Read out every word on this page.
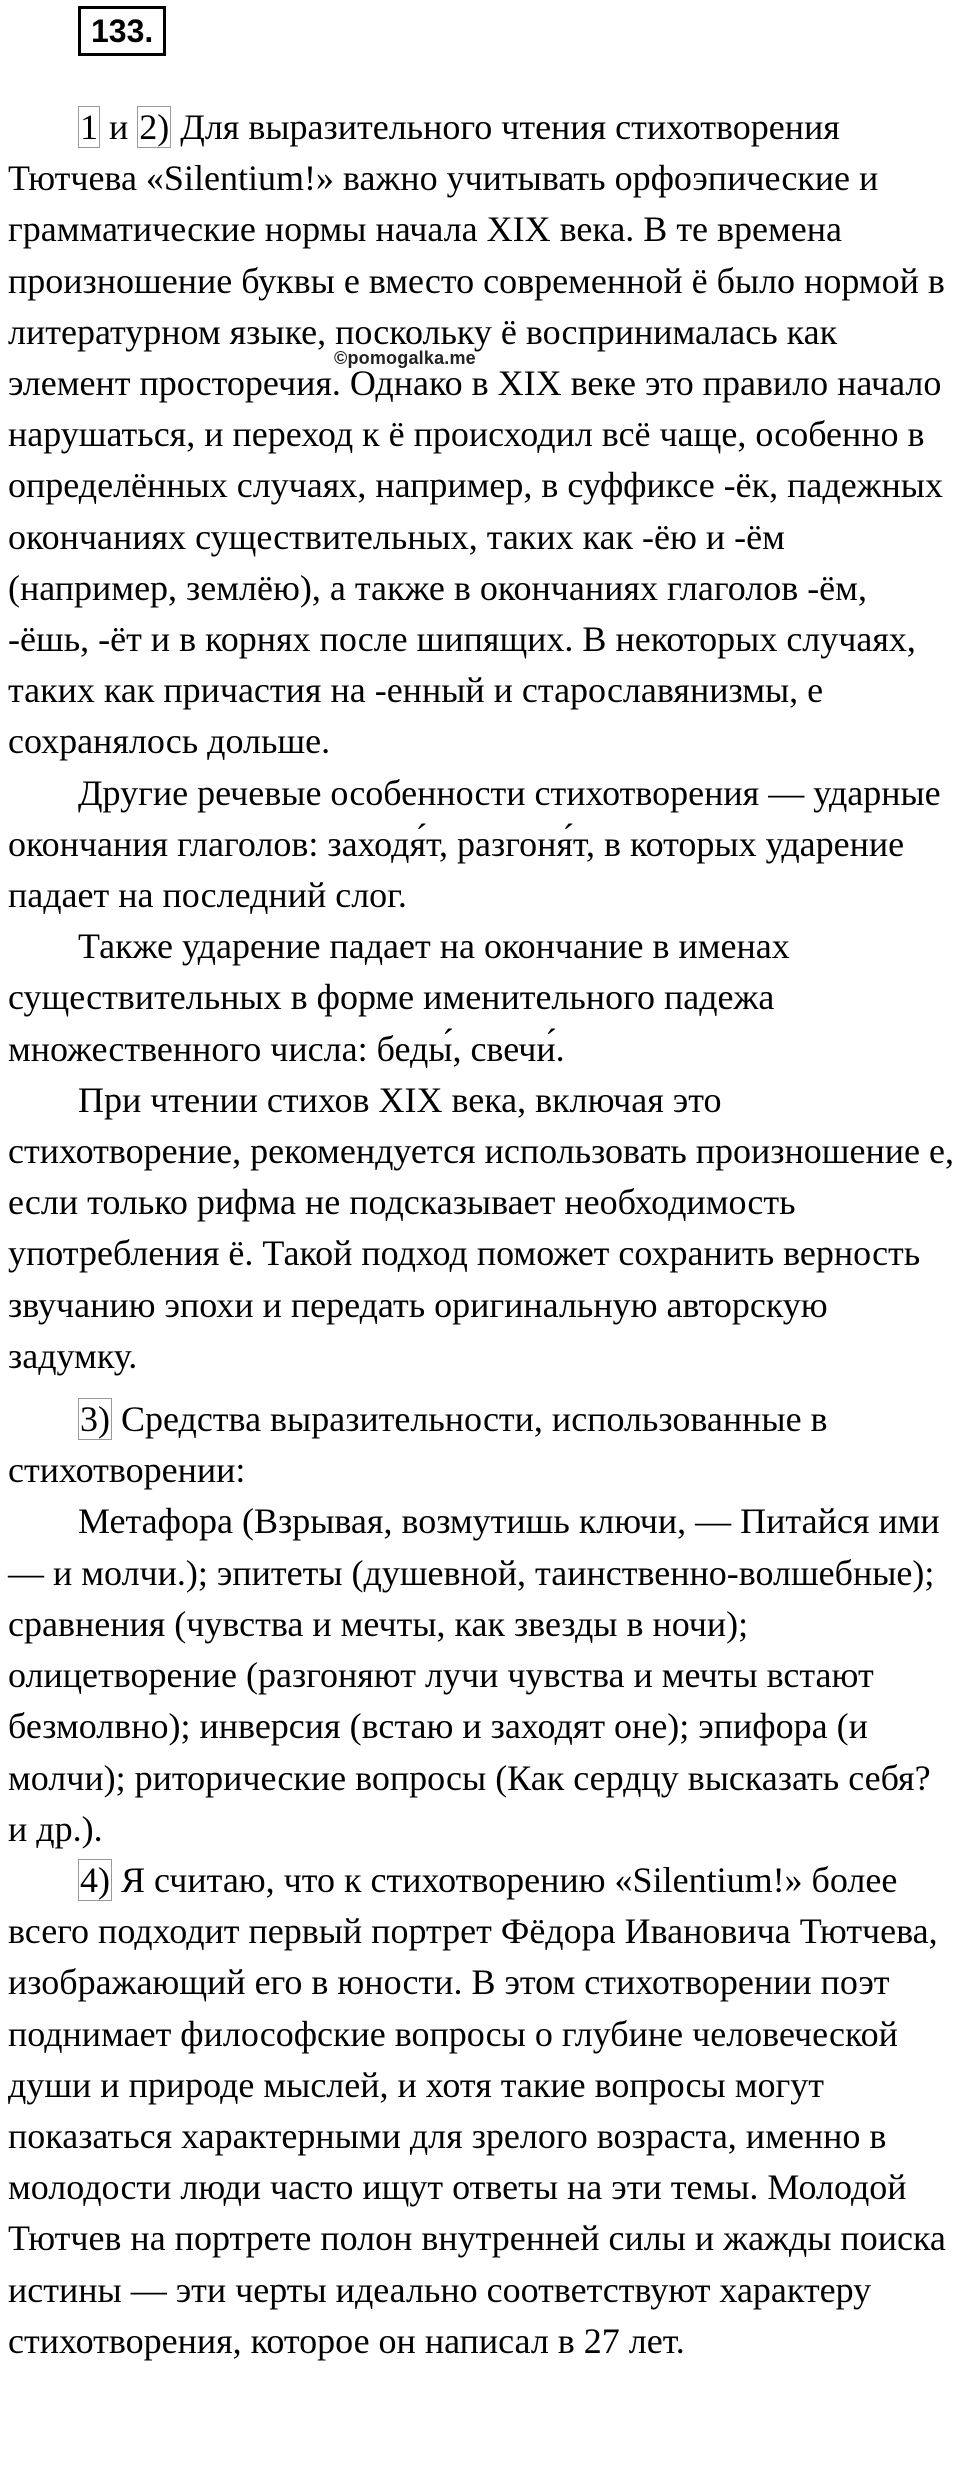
133.

1 и 2) Для выразительного чтения стихотворения Тютчева «Silentium!» важно учитывать орфоэпические и грамматические нормы начала XIX века. В те времена произношение буквы е вместо современной ё было нормой в литературном языке, поскольку ё воспринималась как элемент просторечия. Однако в XIX веке это правило начало нарушаться, и переход к ё происходил всё чаще, особенно в определённых случаях, например, в суффиксе -ёк, падежных окончаниях существительных, таких как -ёю и -ём (например, землёю), а также в окончаниях глаголов -ём, -ёшь, -ёт и в корнях после шипящих. В некоторых случаях, таких как причастия на -енный и старославянизмы, е сохранялось дольше.

Другие речевые особенности стихотворения — ударные окончания глаголов: заходя́т, разгоня́т, в которых ударение падает на последний слог.

Также ударение падает на окончание в именах существительных в форме именительного падежа множественного числа: беды́, свечи́.

При чтении стихов XIX века, включая это стихотворение, рекомендуется использовать произношение е, если только рифма не подсказывает необходимость употребления ё. Такой подход поможет сохранить верность звучанию эпохи и передать оригинальную авторскую задумку.

3) Средства выразительности, использованные в стихотворении:

Метафора (Взрывая, возмутишь ключи, — Питайся ими — и молчи.); эпитеты (душевной, таинственно-волшебные); сравнения (чувства и мечты, как звезды в ночи); олицетворение (разгоняют лучи чувства и мечты встают безмолвно); инверсия (встаю и заходят оне); эпифора (и молчи); риторические вопросы (Как сердцу высказать себя? и др.).

4) Я считаю, что к стихотворению «Silentium!» более всего подходит первый портрет Фёдора Ивановича Тютчева, изображающий его в юности. В этом стихотворении поэт поднимает философские вопросы о глубине человеческой души и природе мыслей, и хотя такие вопросы могут показаться характерными для зрелого возраста, именно в молодости люди часто ищут ответы на эти темы. Молодой Тютчев на портрете полон внутренней силы и жажды поиска истины — эти черты идеально соответствуют характеру стихотворения, которое он написал в 27 лет.

©pomogalka.me
